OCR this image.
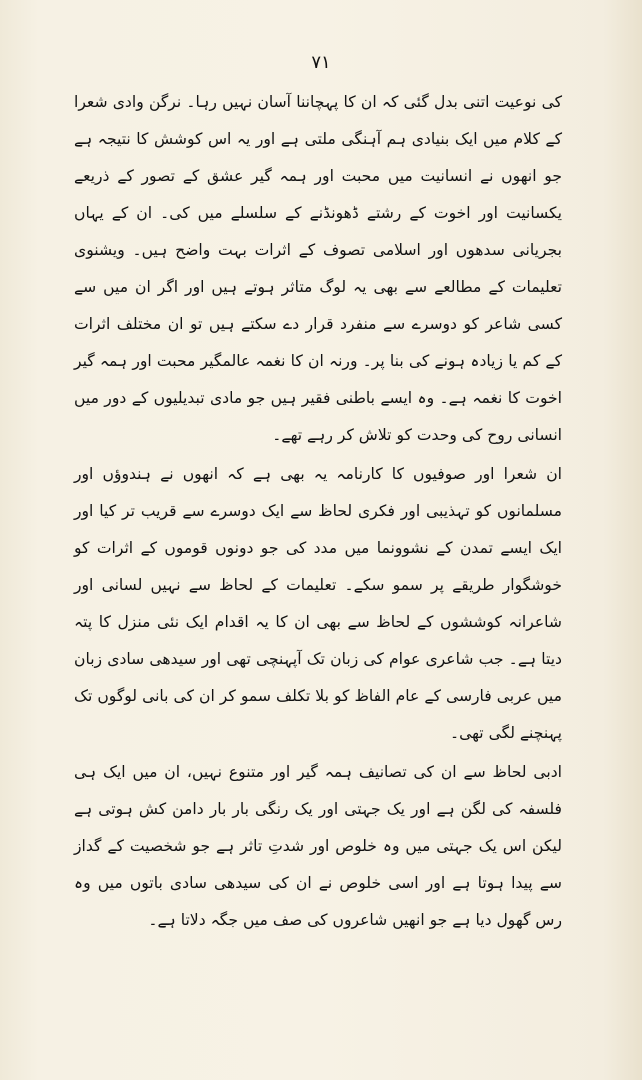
۷۱

کی نوعیت اتنی بدل گئی کہ ان کا پہچاننا آسان نہیں رہا۔ نرگن وادی شعرا کے کلام میں ایک بنیادی ہم آہنگی ملتی ہے اور یہ اس کوشش کا نتیجہ ہے جو انھوں نے انسانیت میں محبت اور ہمہ گیر عشق کے تصور کے ذریعے یکسانیت اور اخوت کے رشتے ڈھونڈنے کے سلسلے میں کی۔ ان کے یہاں بجریانی سدھوں اور اسلامی تصوف کے اثرات بہت واضح ہیں۔ ویشنوی تعلیمات کے مطالعے سے بھی یہ لوگ متاثر ہوتے ہیں اور اگر ان میں سے کسی شاعر کو دوسرے سے منفرد قرار دے سکتے ہیں تو ان مختلف اثرات کے کم یا زیادہ ہونے کی بنا پر۔ ورنہ ان کا نغمہ عالمگیر محبت اور ہمہ گیر اخوت کا نغمہ ہے۔ وہ ایسے باطنی فقیر ہیں جو مادی تبدیلیوں کے دور میں انسانی روح کی وحدت کو تلاش کر رہے تھے۔

ان شعرا اور صوفیوں کا کارنامہ یہ بھی ہے کہ انھوں نے ہندوؤں اور مسلمانوں کو تہذیبی اور فکری لحاظ سے ایک دوسرے سے قریب تر کیا اور ایک ایسے تمدن کے نشوونما میں مدد کی جو دونوں قوموں کے اثرات کو خوشگوار طریقے پر سمو سکے۔ تعلیمات کے لحاظ سے نہیں لسانی اور شاعرانہ کوششوں کے لحاظ سے بھی ان کا یہ اقدام ایک نئی منزل کا پتہ دیتا ہے۔ جب شاعری عوام کی زبان تک آپہنچی تھی اور سیدھی سادی زبان میں عربی فارسی کے عام الفاظ کو بلا تکلف سمو کر ان کی بانی لوگوں تک پہنچنے لگی تھی۔

ادبی لحاظ سے ان کی تصانیف ہمہ گیر اور متنوع نہیں، ان میں ایک ہی فلسفہ کی لگن ہے اور یک جہتی اور یک رنگی بار بار دامن کش ہوتی ہے لیکن اس یک جہتی میں وہ خلوص اور شدتِ تاثر ہے جو شخصیت کے گداز سے پیدا ہوتا ہے اور اسی خلوص نے ان کی سیدھی سادی باتوں میں وہ رس گھول دیا ہے جو انھیں شاعروں کی صف میں جگہ دلاتا ہے۔
